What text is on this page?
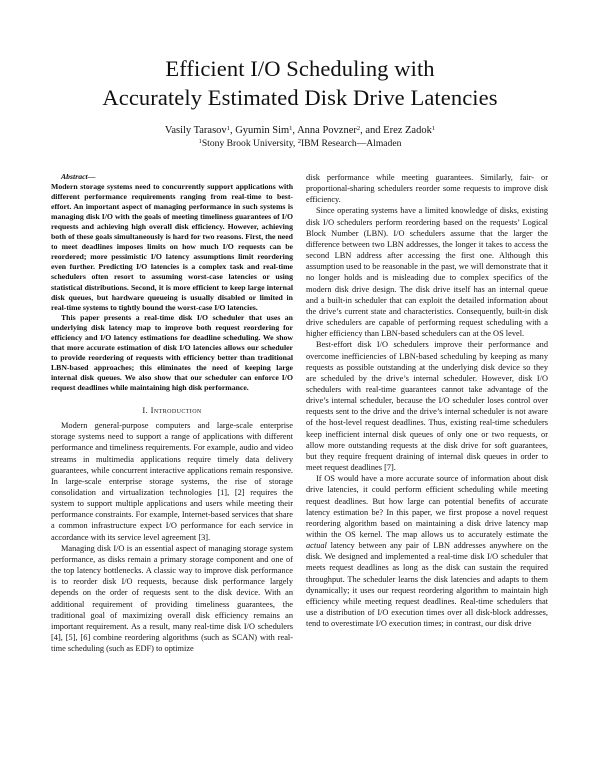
Efficient I/O Scheduling with
Accurately Estimated Disk Drive Latencies
Vasily Tarasov$^1$, Gyumin Sim$^1$, Anna Povzner$^2$, and Erez Zadok$^1$
$^1$Stony Brook University, $^2$IBM Research—Almaden

Abstract—
Modern storage systems need to concurrently support applications with different performance requirements ranging from real-time to best-effort. An important aspect of managing performance in such systems is managing disk I/O with the goals of meeting timeliness guarantees of I/O requests and achieving high overall disk efficiency. However, achieving both of these goals simultaneously is hard for two reasons. First, the need to meet deadlines imposes limits on how much I/O requests can be reordered; more pessimistic I/O latency assumptions limit reordering even further. Predicting I/O latencies is a complex task and real-time schedulers often resort to assuming worst-case latencies or using statistical distributions. Second, it is more efficient to keep large internal disk queues, but hardware queueing is usually disabled or limited in real-time systems to tightly bound the worst-case I/O latencies.

This paper presents a real-time disk I/O scheduler that uses an underlying disk latency map to improve both request reordering for efficiency and I/O latency estimations for deadline scheduling. We show that more accurate estimation of disk I/O latencies allows our scheduler to provide reordering of requests with efficiency better than traditional LBN-based approaches; this eliminates the need of keeping large internal disk queues. We also show that our scheduler can enforce I/O request deadlines while maintaining high disk performance.

I. Introduction

Modern general-purpose computers and large-scale enterprise storage systems need to support a range of applications with different performance and timeliness requirements. For example, audio and video streams in multimedia applications require timely data delivery guarantees, while concurrent interactive applications remain responsive. In large-scale enterprise storage systems, the rise of storage consolidation and virtualization technologies [1], [2] requires the system to support multiple applications and users while meeting their performance constraints. For example, Internet-based services that share a common infrastructure expect I/O performance for each service in accordance with its service level agreement [3].

Managing disk I/O is an essential aspect of managing storage system performance, as disks remain a primary storage component and one of the top latency bottlenecks. A classic way to improve disk performance is to reorder disk I/O requests, because disk performance largely depends on the order of requests sent to the disk device. With an additional requirement of providing timeliness guarantees, the traditional goal of maximizing overall disk efficiency remains an important requirement. As a result, many real-time disk I/O schedulers [4], [5], [6] combine reordering algorithms (such as SCAN) with real-time scheduling (such as EDF) to optimize

disk performance while meeting guarantees. Similarly, fair- or proportional-sharing schedulers reorder some requests to improve disk efficiency.

Since operating systems have a limited knowledge of disks, existing disk I/O schedulers perform reordering based on the requests’ Logical Block Number (LBN). I/O schedulers assume that the larger the difference between two LBN addresses, the longer it takes to access the second LBN address after accessing the first one. Although this assumption used to be reasonable in the past, we will demonstrate that it no longer holds and is misleading due to complex specifics of the modern disk drive design. The disk drive itself has an internal queue and a built-in scheduler that can exploit the detailed information about the drive’s current state and characteristics. Consequently, built-in disk drive schedulers are capable of performing request scheduling with a higher efficiency than LBN-based schedulers can at the OS level.

Best-effort disk I/O schedulers improve their performance and overcome inefficiencies of LBN-based scheduling by keeping as many requests as possible outstanding at the underlying disk device so they are scheduled by the drive’s internal scheduler. However, disk I/O schedulers with real-time guarantees cannot take advantage of the drive’s internal scheduler, because the I/O scheduler loses control over requests sent to the drive and the drive’s internal scheduler is not aware of the host-level request deadlines. Thus, existing real-time schedulers keep inefficient internal disk queues of only one or two requests, or allow more outstanding requests at the disk drive for soft guarantees, but they require frequent draining of internal disk queues in order to meet request deadlines [7].

If OS would have a more accurate source of information about disk drive latencies, it could perform efficient scheduling while meeting request deadlines. But how large can potential benefits of accurate latency estimation be? In this paper, we first propose a novel request reordering algorithm based on maintaining a disk drive latency map within the OS kernel. The map allows us to accurately estimate the actual latency between any pair of LBN addresses anywhere on the disk. We designed and implemented a real-time disk I/O scheduler that meets request deadlines as long as the disk can sustain the required throughput. The scheduler learns the disk latencies and adapts to them dynamically; it uses our request reordering algorithm to maintain high efficiency while meeting request deadlines. Real-time schedulers that use a distribution of I/O execution times over all disk-block addresses, tend to overestimate I/O execution times; in contrast, our disk drive
